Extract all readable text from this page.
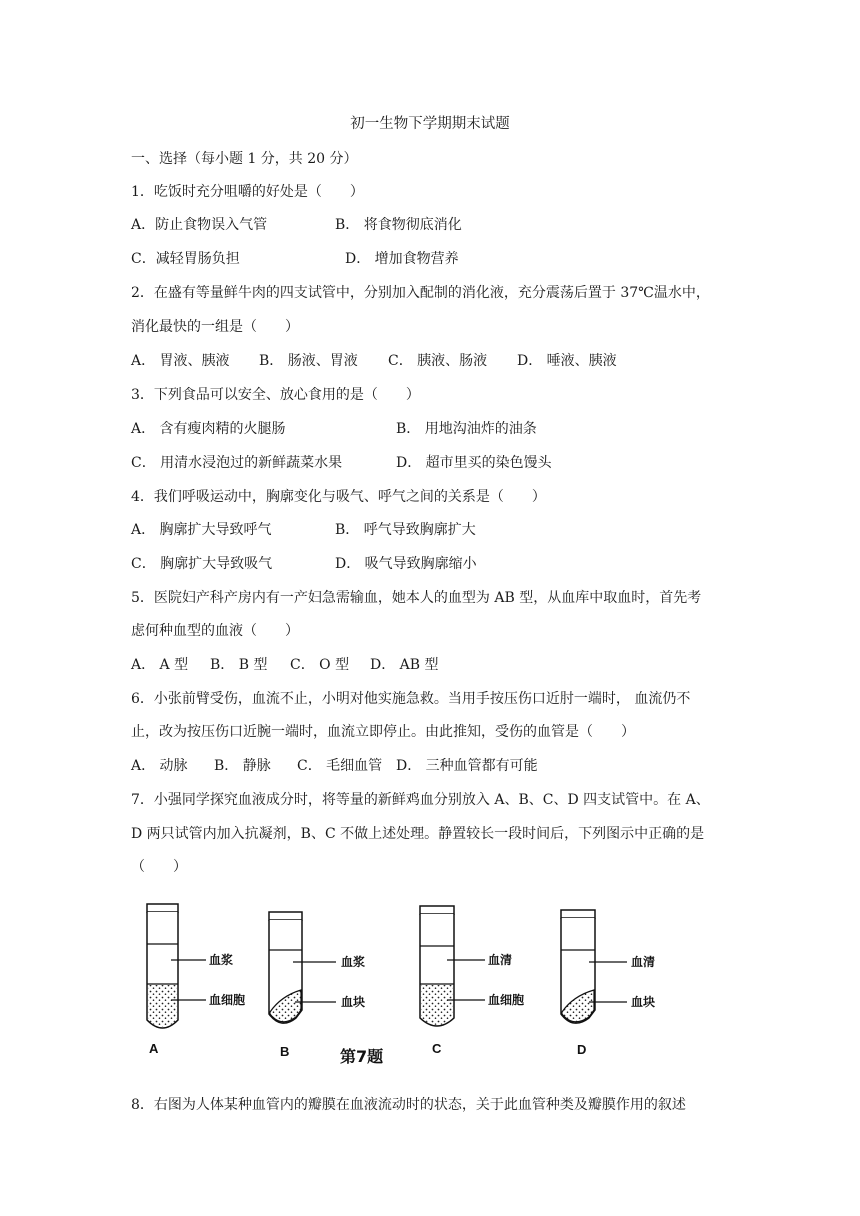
初一生物下学期期末试题
一、选择（每小题 1 分，共 20 分）
1．吃饭时充分咀嚼的好处是（　　）
A．防止食物误入气管	B． 将食物彻底消化
C．减轻胃肠负担	D． 增加食物营养
2．在盛有等量鲜牛肉的四支试管中，分别加入配制的消化液，充分震荡后置于 37℃温水中，
消化最快的一组是（　　）
A． 胃液、胰液 B． 肠液、胃液 C． 胰液、肠液 D． 唾液、胰液
3．下列食品可以安全、放心食用的是（　　）
A． 含有瘦肉精的火腿肠	B． 用地沟油炸的油条
C． 用清水浸泡过的新鲜蔬菜水果	D． 超市里买的染色馒头
4．我们呼吸运动中，胸廓变化与吸气、呼气之间的关系是（　　）
A． 胸廓扩大导致呼气	B． 呼气导致胸廓扩大
C． 胸廓扩大导致吸气	D． 吸气导致胸廓缩小
5．医院妇产科产房内有一产妇急需输血，她本人的血型为 AB 型，从血库中取血时，首先考
虑何种血型的血液（　　）
A． A 型 B． B 型 C． O 型 D． AB 型
6．小张前臂受伤，血流不止，小明对他实施急救。当用手按压伤口近肘一端时， 血流仍不
止，改为按压伤口近腕一端时，血流立即停止。由此推知，受伤的血管是（　　）
A． 动脉 B． 静脉 C． 毛细血管 D． 三种血管都有可能
7．小强同学探究血液成分时，将等量的新鲜鸡血分别放入 A、B、C、D 四支试管中。在 A、
D 两只试管内加入抗凝剂，B、C 不做上述处理。静置较长一段时间后，下列图示中正确的是
（　　）
血浆
血细胞
A
血浆
血块
B
血清
血细胞
C
血清
血块
D
第7题
8．右图为人体某种血管内的瓣膜在血液流动时的状态，关于此血管种类及瓣膜作用的叙述
